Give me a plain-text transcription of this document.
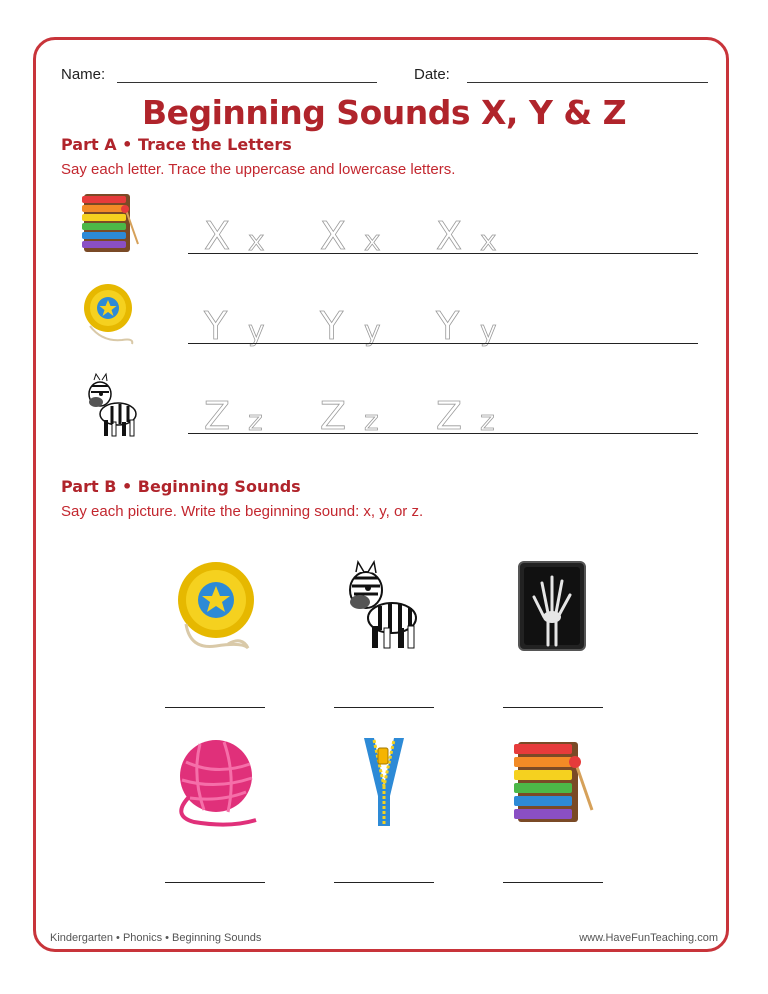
Name:	Date:
Beginning Sounds X, Y & Z
Part A • Trace the Letters
Say each letter. Trace the uppercase and lowercase letters.
X x X x X x
Y y Y y Y y
Z z Z z Z z
Part B • Beginning Sounds
Say each picture. Write the beginning sound: x, y, or z.
Kindergarten • Phonics • Beginning Sounds	www.HaveFunTeaching.com
